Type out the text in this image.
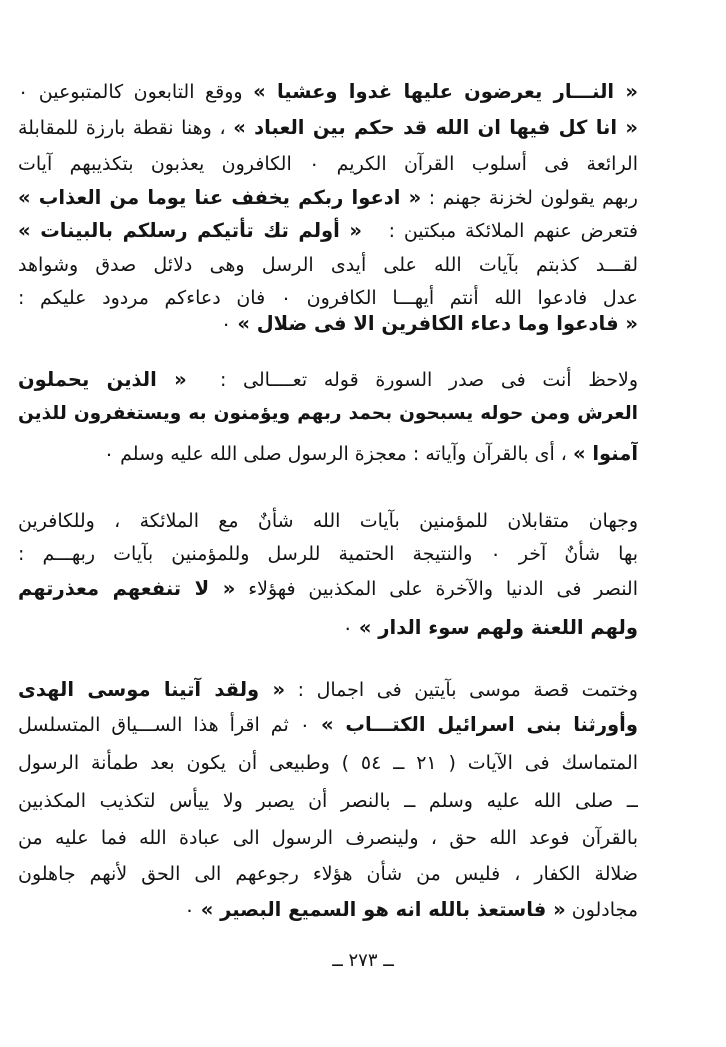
« النـــار يعرضون عليها غدوا وعشيا » ووقع التابعون كالمتبوعين ٠
« انا كل فيها ان الله قد حكم بين العباد » ، وهنا نقطة بارزة للمقابلة
الرائعة فى أسلوب القرآن الكريم ٠ الكافرون يعذبون بتكذيبهم آيات
ربهم يقولون لخزنة جهنم : « ادعوا ربكم يخفف عنا يوما من العذاب »
فتعرض عنهم الملائكة مبكتين :   « أولم تك تأتيكم رسلكم بالبينات »
لقـــد كذبتم بآيات الله على أيدى الرسل وهى دلائل صدق وشواهد
عدل فادعوا الله أنتم أيهـــا الكافرون ٠ فان دعاءكم مردود عليكم :
« فادعوا وما دعاء الكافرين الا فى ضلال » ٠
ولاحظ أنت فى صدر السورة قوله تعــــالى :  « الذين يحملون
العرش ومن حوله يسبحون بحمد ربهم ويؤمنون به ويستغفرون للذين
آمنوا » ، أى بالقرآن وآياته : معجزة الرسول صلى الله عليه وسلم ٠
وجهان متقابلان للمؤمنين بآيات الله شأنٌ مع الملائكة ، وللكافرين
بها شأنٌ آخر ٠ والنتيجة الحتمية للرسل وللمؤمنين بآيات ربهـــم :
النصر فى الدنيا والآخرة على المكذبين فهؤلاء « لا تنفعهم معذرتهم
ولهم اللعنة ولهم سوء الدار » ٠
وختمت قصة موسى بآيتين فى اجمال : « ولقد آتينا موسى الهدى
وأورثنا بنى اسرائيل الكتـــاب » ٠ ثم اقرأ هذا الســـياق المتسلسل
المتماسك فى الآيات ( ٢١ ــ ٥٤ ) وطبيعى أن يكون بعد طمأنة الرسول
ــ صلى الله عليه وسلم ــ بالنصر أن يصبر ولا ييأس لتكذيب المكذبين
بالقرآن فوعد الله حق ، ولينصرف الرسول الى عبادة الله فما عليه من
ضلالة الكفار ، فليس من شأن هؤلاء رجوعهم الى الحق لأنهم جاهلون
مجادلون « فاستعذ بالله انه هو السميع البصير » ٠
ــ ٢٧٣ ــ
